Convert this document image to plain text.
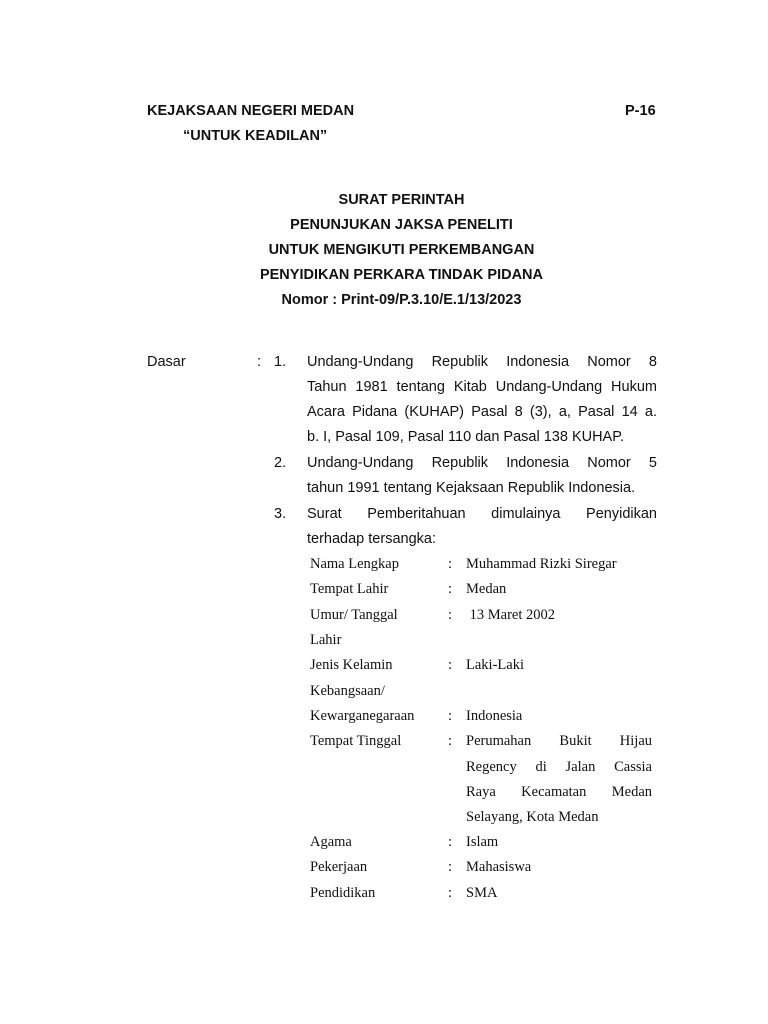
KEJAKSAAN NEGERI MEDAN	P-16
“UNTUK KEADILAN”
SURAT PERINTAH
PENUNJUKAN JAKSA PENELITI
UNTUK MENGIKUTI PERKEMBANGAN
PENYIDIKAN PERKARA TINDAK PIDANA
Nomor : Print-09/P.3.10/E.1/13/2023
Dasar	: 1. Undang-Undang Republik Indonesia Nomor 8
Tahun 1981 tentang Kitab Undang-Undang Hukum
Acara Pidana (KUHAP) Pasal 8 (3), a, Pasal 14 a.
b. I, Pasal 109, Pasal 110 dan Pasal 138 KUHAP.
2. Undang-Undang Republik Indonesia Nomor 5
tahun 1991 tentang Kejaksaan Republik Indonesia.
3. Surat Pemberitahuan dimulainya Penyidikan
terhadap tersangka:
Nama Lengkap	: Muhammad Rizki Siregar
Tempat Lahir	: Medan
Umur/ Tanggal
Lahir
: 13 Maret 2002
Jenis Kelamin	: Laki-Laki
Kebangsaan/
Kewarganegaraan : Indonesia
Tempat Tinggal	: Perumahan Bukit Hijau
Regency di Jalan Cassia
Raya Kecamatan Medan
Selayang, Kota Medan
Agama	: Islam
Pekerjaan	: Mahasiswa
Pendidikan	: SMA
